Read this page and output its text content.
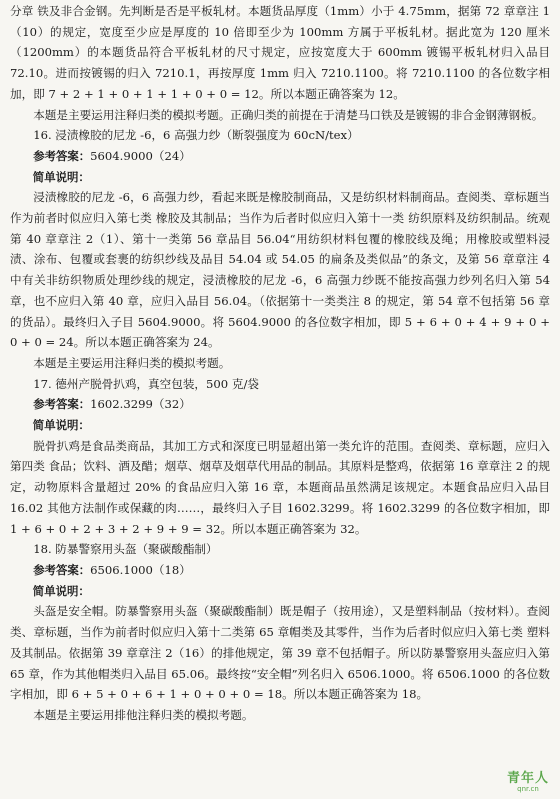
分章 铁及非合金钢。先判断是否是平板轧材。本题货品厚度（1mm）小于 4.75mm，据第 72 章章注 1（10）的规定，宽度至少应是厚度的 10 倍即至少为 100mm 方属于平板轧材。据此宽为 120 厘米（1200mm）的本题货品符合平板轧材的尺寸规定，应按宽度大于 600mm 镀锡平板轧材归入品目 72.10。进而按镀锡的归入 7210.1，再按厚度 1mm 归入 7210.1100。将 7210.1100 的各位数字相加，即 7 + 2 + 1 + 0 + 1 + 1 + 0 + 0 = 12。所以本题正确答案为 12。

本题是主要运用注释归类的模拟考题。正确归类的前提在于清楚马口铁及是镀锡的非合金钢薄钢板。

16. 浸渍橡胶的尼龙 -6，6 高强力纱（断裂强度为 60cN/tex）

参考答案：5604.9000（24）

简单说明：

浸渍橡胶的尼龙 -6，6 高强力纱，看起来既是橡胶制商品，又是纺织材料制商品。查阅类、章标题当作为前者时似应归入第七类 橡胶及其制品；当作为后者时似应归入第十一类 纺织原料及纺织制品。统观第 40 章章注 2（1）、第十一类第 56 章品目 56.04“用纺织材料包覆的橡胶线及绳；用橡胶或塑料浸渍、涂布、包覆或套裹的纺织纱线及品目 54.04 或 54.05 的扁条及类似品”的条文，及第 56 章章注 4 中有关非纺织物质处理纱线的规定，浸渍橡胶的尼龙 -6，6 高强力纱既不能按高强力纱列名归入第 54 章，也不应归入第 40 章，应归入品目 56.04。（依据第十一类类注 8 的规定，第 54 章不包括第 56 章的货品）。最终归入子目 5604.9000。将 5604.9000 的各位数字相加，即 5 + 6 + 0 + 4 + 9 + 0 + 0 + 0 = 24。所以本题正确答案为 24。

本题是主要运用注释归类的模拟考题。

17. 德州产脱骨扒鸡，真空包装，500 克/袋

参考答案：1602.3299（32）

简单说明：

脱骨扒鸡是食品类商品，其加工方式和深度已明显超出第一类允许的范围。查阅类、章标题，应归入第四类 食品；饮料、酒及醋；烟草、烟草及烟草代用品的制品。其原料是整鸡，依据第 16 章章注 2 的规定，动物原料含量超过 20% 的食品应归入第 16 章，本题商品虽然满足该规定。本题食品应归入品目 16.02 其他方法制作或保藏的肉……，最终归入子目 1602.3299。将 1602.3299 的各位数字相加，即 1 + 6 + 0 + 2 + 3 + 2 + 9 + 9 = 32。所以本题正确答案为 32。

18. 防暴警察用头盔（聚碳酸酯制）

参考答案：6506.1000（18）

简单说明：

头盔是安全帽。防暴警察用头盔（聚碳酸酯制）既是帽子（按用途），又是塑料制品（按材料）。查阅类、章标题，当作为前者时似应归入第十二类第 65 章帽类及其零件，当作为后者时似应归入第七类 塑料及其制品。依据第 39 章章注 2（16）的排他规定，第 39 章不包括帽子。所以防暴警察用头盔应归入第 65 章，作为其他帽类归入品目 65.06。最终按“安全帽”列名归入 6506.1000。将 6506.1000 的各位数字相加，即 6 + 5 + 0 + 6 + 1 + 0 + 0 + 0 = 18。所以本题正确答案为 18。

本题是主要运用排他注释归类的模拟考题。

青年人
qnr.cn
